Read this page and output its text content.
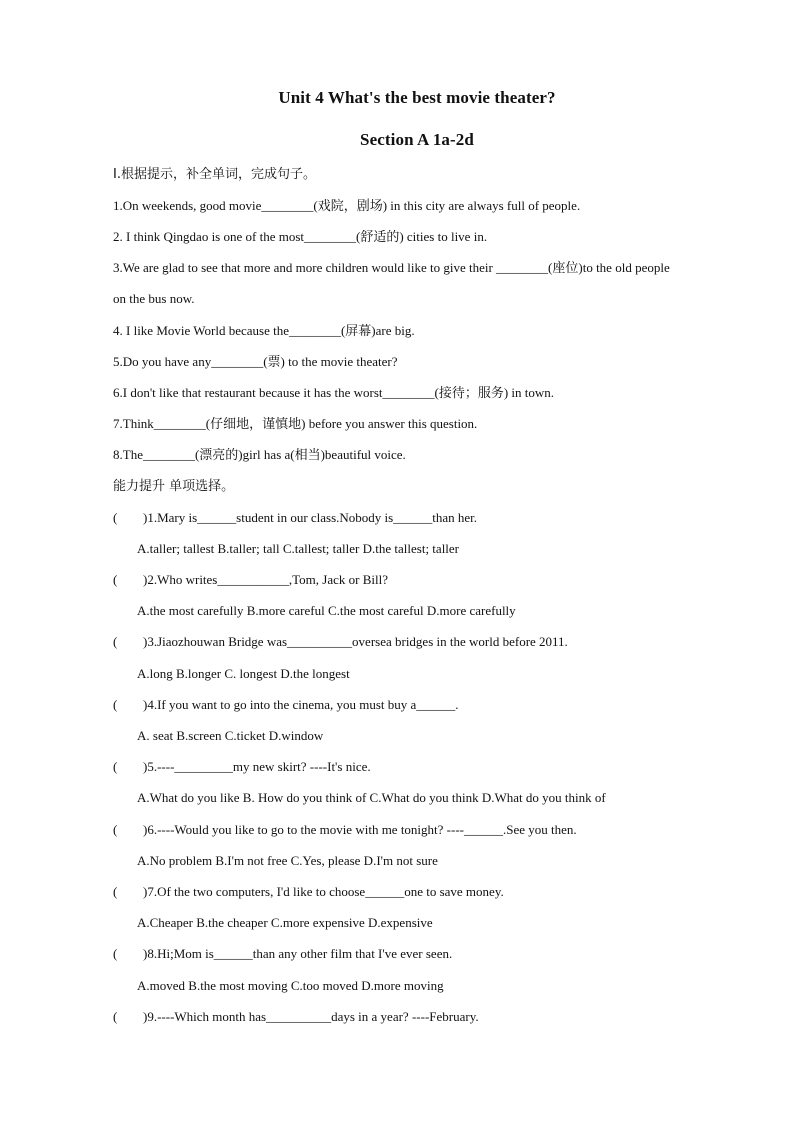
Unit 4 What's the best movie theater?
Section A 1a-2d
I.根据提示，补全单词，完成句子。
1.On weekends, good movie________(戏院，剧场) in this city are always full of people.
2. I think Qingdao is one of the most________(舒适的) cities to live in.
3.We are glad to see that more and more children would like to give their ________(座位)to the old people
on the bus now.
4. I like Movie World because the________(屏幕)are big.
5.Do you have any________(票) to the movie theater?
6.I don't like that restaurant because it has the worst________(接待；服务) in town.
7.Think________(仔细地，谨慎地) before you answer this question.
8.The________(漂亮的)girl has a(相当)beautiful voice.
能力提升 单项选择。
( )1.Mary is______student in our class.Nobody is______than her.
A.taller; tallest B.taller; tall C.tallest; taller D.the tallest; taller
( )2.Who writes___________,Tom, Jack or Bill?
A.the most carefully B.more careful C.the most careful D.more carefully
( )3.Jiaozhouwan Bridge was__________oversea bridges in the world before 2011.
A.long B.longer C. longest D.the longest
( )4.If you want to go into the cinema, you must buy a______.
A. seat B.screen C.ticket D.window
( )5.----_________my new skirt? ----It's nice.
A.What do you like B. How do you think of C.What do you think D.What do you think of
( )6.----Would you like to go to the movie with me tonight? ----______.See you then.
A.No problem B.I'm not free C.Yes, please D.I'm not sure
( )7.Of the two computers, I'd like to choose______one to save money.
A.Cheaper B.the cheaper C.more expensive D.expensive
( )8.Hi;Mom is______than any other film that I've ever seen.
A.moved B.the most moving C.too moved D.more moving
( )9.----Which month has__________days in a year? ----February.
